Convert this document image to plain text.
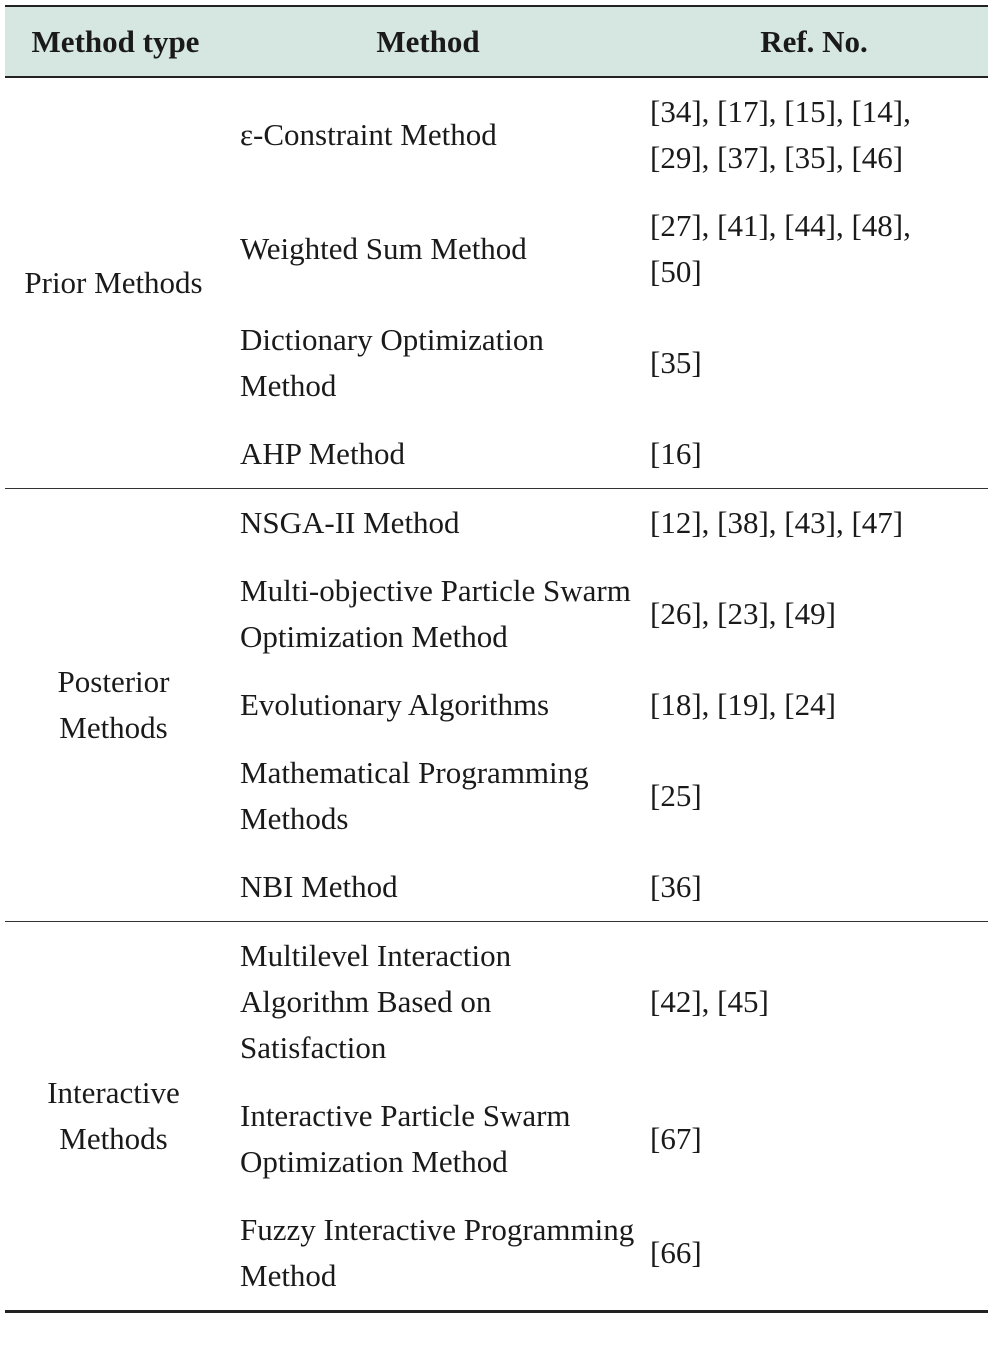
Method type	Method	Ref. No.
Prior Methods	ε-Constraint Method	[34], [17], [15], [14], [29], [37], [35], [46]
	Weighted Sum Method	[27], [41], [44], [48], [50]
	Dictionary Optimization Method	[35]
	AHP Method	[16]
Posterior Methods	NSGA-II Method	[12], [38], [43], [47]
	Multi-objective Particle Swarm Optimization Method	[26], [23], [49]
	Evolutionary Algorithms	[18], [19], [24]
	Mathematical Programming Methods	[25]
	NBI Method	[36]
Interactive Methods	Multilevel Interaction Algorithm Based on Satisfaction	[42], [45]
	Interactive Particle Swarm Optimization Method	[67]
	Fuzzy Interactive Programming Method	[66]
